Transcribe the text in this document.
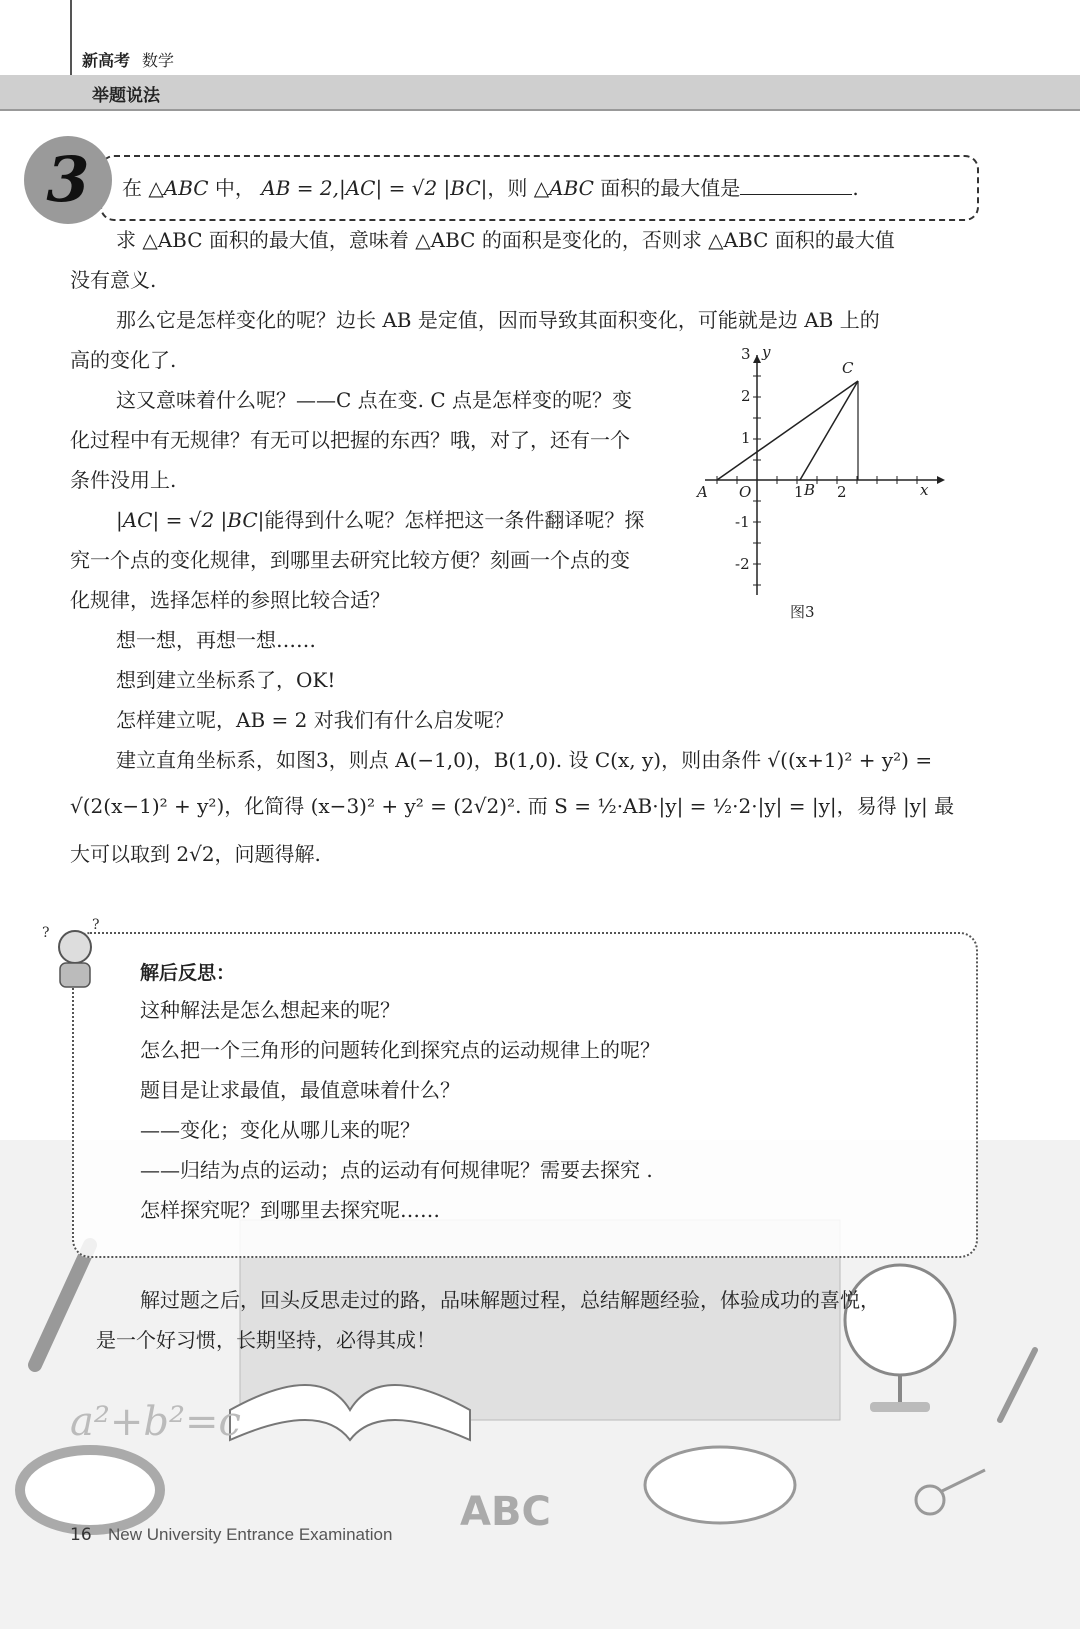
新高考 数学
举题说法
3	在 △ABC 中， AB = 2,|AC| = √2 |BC|，则 △ABC 面积的最大值是	.
求 △ABC 面积的最大值，意味着 △ABC 的面积是变化的，否则求 △ABC 面积的最大值
没有意义.
那么它是怎样变化的呢？边长 AB 是定值，因而导致其面积变化，可能就是边 AB 上的
高的变化了.
这又意味着什么呢？——C 点在变. C 点是怎样变的呢？变
化过程中有无规律？有无可以把握的东西？哦，对了，还有一个
条件没用上.
|AC| = √2 |BC|能得到什么呢？怎样把这一条件翻译呢？探
究一个点的变化规律，到哪里去研究比较方便？刻画一个点的变
化规律，选择怎样的参照比较合适？
想一想，再想一想……
想到建立坐标系了，OK!
怎样建立呢，AB = 2 对我们有什么启发呢？
建立直角坐标系，如图3，则点 A(−1,0)，B(1,0). 设 C(x, y)，则由条件 √((x+1)² + y²) =
√(2(x−1)² + y²)，化简得 (x−3)² + y² = (2√2)². 而 S = ½·AB·|y| = ½·2·|y| = |y|，易得 |y| 最
大可以取到 2√2，问题得解.
C
A	B
O	x
y
1 2
3
2
1
-1
-2
图3
a²+b²=c
ABC
?	?
解后反思：
这种解法是怎么想起来的呢？
怎么把一个三角形的问题转化到探究点的运动规律上的呢？
题目是让求最值，最值意味着什么？
——变化；变化从哪儿来的呢？
——归结为点的运动；点的运动有何规律呢？需要去探究 .
怎样探究呢？到哪里去探究呢……
解过题之后，回头反思走过的路，品味解题过程，总结解题经验，体验成功的喜悦，
是一个好习惯，长期坚持，必得其成！
16 New University Entrance Examination
